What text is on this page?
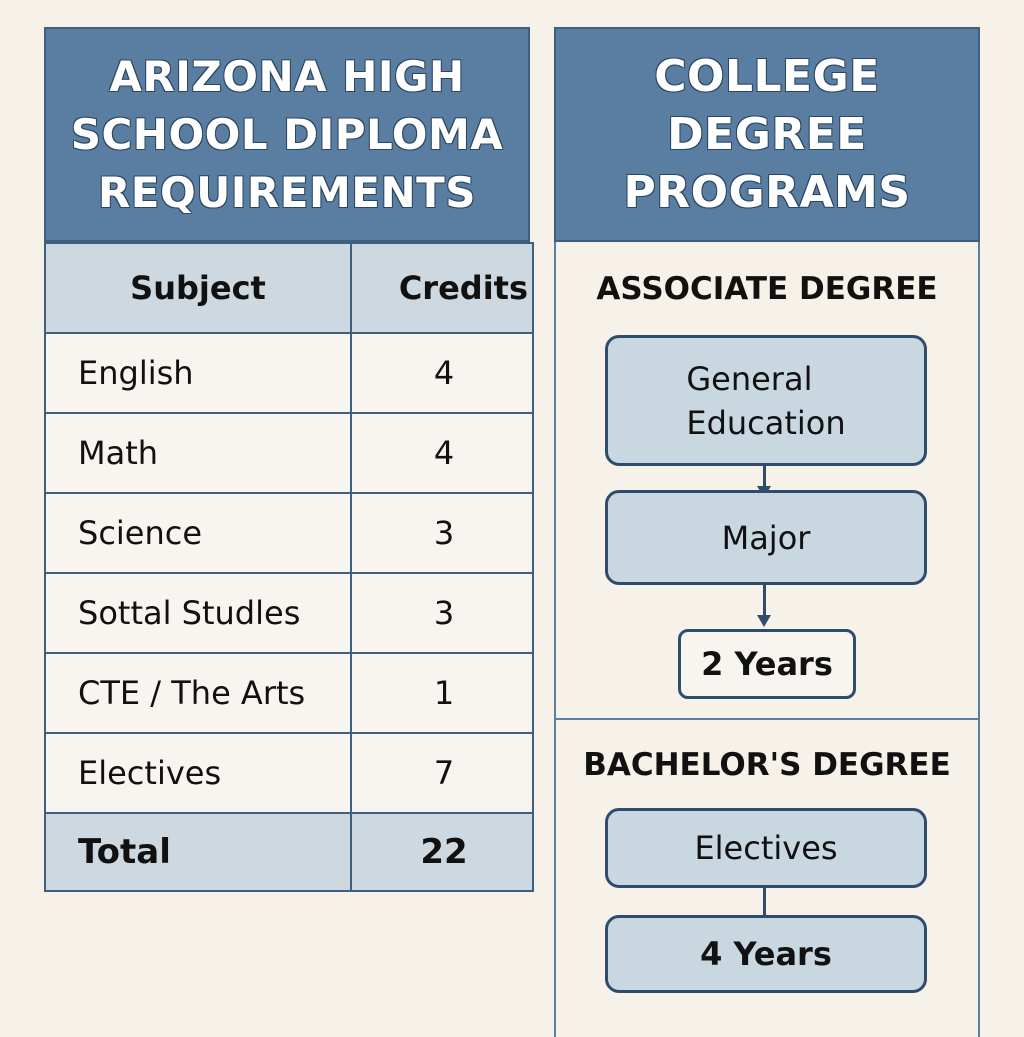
ARIZONA HIGH
SCHOOL DIPLOMA
REQUIREMENTS
Subject	Credits
English	4
Math	4
Science	3
Sottal Studles	3
CTE / The Arts	1
Electives	7
Total	22
COLLEGE
DEGREE
PROGRAMS
ASSOCIATE DEGREE
General
Education
Major
2 Years
BACHELOR'S DEGREE
Electives
4 Years
